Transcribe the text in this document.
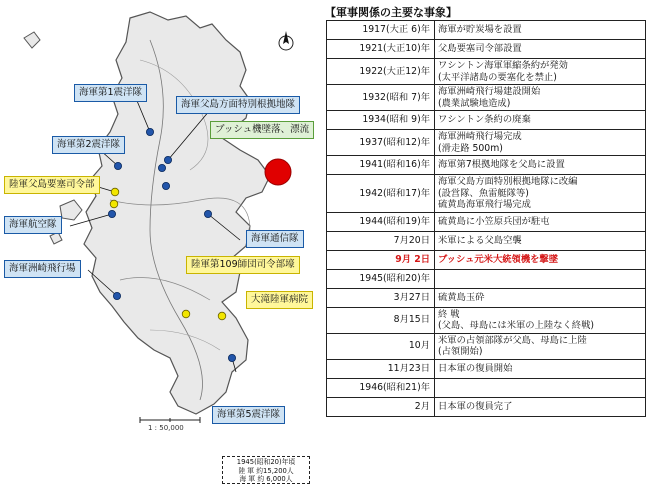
海軍第1震洋隊
海軍父島方面特別根拠地隊
ブッシュ機墜落、漂流
海軍第2震洋隊
陸軍父島要塞司令部
海軍航空隊
海軍通信隊
海軍洲崎飛行場	陸軍第109師団司令部壕
大滝陸軍病院
海軍第5震洋隊
1 : 50,000
1945(昭和20)年頃
陸 軍 約15,200人
海 軍 約 6,000人
【軍事関係の主要な事象】
1917(大正 6)年	海軍が貯炭場を設置
1921(大正10)年	父島要塞司令部設置
1922(大正12)年	ワシントン海軍軍縮条約が発効
(太平洋諸島の要塞化を禁止)
1932(昭和 7)年	海軍洲崎飛行場建設開始
(農業試験地造成)
1934(昭和 9)年	ワシントン条約の廃棄
1937(昭和12)年	海軍洲崎飛行場完成
(滑走路 500m)
1941(昭和16)年	海軍第7根拠地隊を父島に設置
1942(昭和17)年	海軍父島方面特別根拠地隊に改編
(設営隊、魚雷艇隊等)
硫黄島海軍飛行場完成
1944(昭和19)年	硫黄島に小笠原兵団が駐屯
7月20日	米軍による父島空襲
9月 2日	ブッシュ元米大統領機を撃墜
1945(昭和20)年	
3月27日	硫黄島玉砕
8月15日	終 戦
(父島、母島には米軍の上陸なく終戦)
10月	米軍の占領部隊が父島、母島に上陸
(占領開始)
11月23日	日本軍の復員開始
1946(昭和21)年	
2月	日本軍の復員完了
